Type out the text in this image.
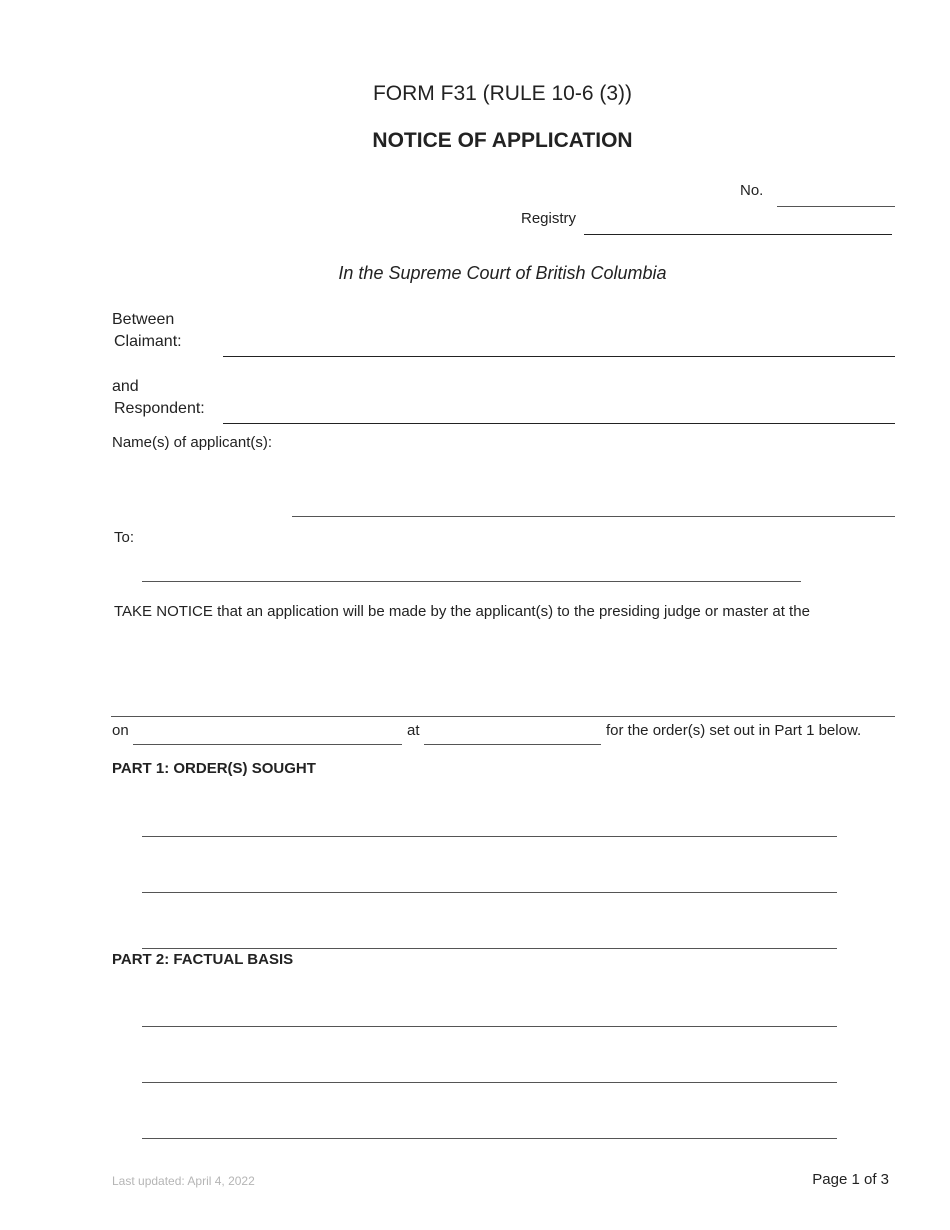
FORM F31 (RULE 10-6 (3))
NOTICE OF APPLICATION
No.
Registry
In the Supreme Court of British Columbia
Between
Claimant:
and
Respondent:
Name(s) of applicant(s):
To:
TAKE NOTICE that an application will be made by the applicant(s) to the presiding judge or master at the
on	at	for the order(s) set out in Part 1 below.
PART 1: ORDER(S) SOUGHT
PART 2: FACTUAL BASIS
Last updated: April 4, 2022	Page 1 of 3
